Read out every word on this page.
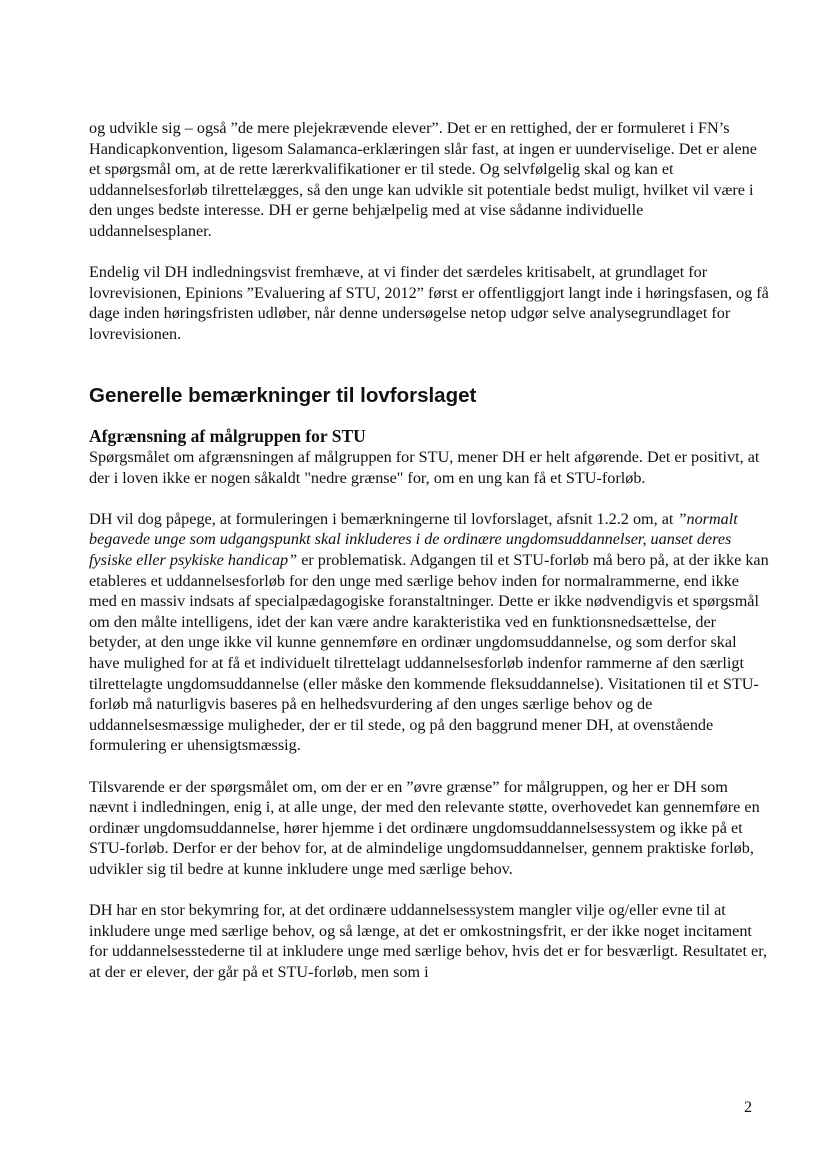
og udvikle sig – også ”de mere plejekrævende elever”. Det er en rettighed, der er formuleret i FN’s Handicapkonvention, ligesom Salamanca-erklæringen slår fast, at ingen er uunderviselige. Det er alene et spørgsmål om, at de rette lærerkvalifikationer er til stede. Og selvfølgelig skal og kan et uddannelsesforløb tilrettelægges, så den unge kan udvikle sit potentiale bedst muligt, hvilket vil være i den unges bedste interesse. DH er gerne behjælpelig med at vise sådanne individuelle uddannelsesplaner.

Endelig vil DH indledningsvist fremhæve, at vi finder det særdeles kritisabelt, at grundlaget for lovrevisionen, Epinions ”Evaluering af STU, 2012” først er offentliggjort langt inde i høringsfasen, og få dage inden høringsfristen udløber, når denne undersøgelse netop udgør selve analysegrundlaget for lovrevisionen.

Generelle bemærkninger til lovforslaget
Afgrænsning af målgruppen for STU

Spørgsmålet om afgrænsningen af målgruppen for STU, mener DH er helt afgørende. Det er positivt, at der i loven ikke er nogen såkaldt "nedre grænse" for, om en ung kan få et STU-forløb.

DH vil dog påpege, at formuleringen i bemærkningerne til lovforslaget, afsnit 1.2.2 om, at ”normalt begavede unge som udgangspunkt skal inkluderes i de ordinære ungdomsuddannelser, uanset deres fysiske eller psykiske handicap” er problematisk. Adgangen til et STU-forløb må bero på, at der ikke kan etableres et uddannelsesforløb for den unge med særlige behov inden for normalrammerne, end ikke med en massiv indsats af specialpædagogiske foranstaltninger. Dette er ikke nødvendigvis et spørgsmål om den målte intelligens, idet der kan være andre karakteristika ved en funktionsnedsættelse, der betyder, at den unge ikke vil kunne gennemføre en ordinær ungdomsuddannelse, og som derfor skal have mulighed for at få et individuelt tilrettelagt uddannelsesforløb indenfor rammerne af den særligt tilrettelagte ungdomsuddannelse (eller måske den kommende fleksuddannelse). Visitationen til et STU-forløb må naturligvis baseres på en helhedsvurdering af den unges særlige behov og de uddannelsesmæssige muligheder, der er til stede, og på den baggrund mener DH, at ovenstående formulering er uhensigtsmæssig.

Tilsvarende er der spørgsmålet om, om der er en ”øvre grænse” for målgruppen, og her er DH som nævnt i indledningen, enig i, at alle unge, der med den relevante støtte, overhovedet kan gennemføre en ordinær ungdomsuddannelse, hører hjemme i det ordinære ungdomsuddannelsessystem og ikke på et STU-forløb. Derfor er der behov for, at de almindelige ungdomsuddannelser, gennem praktiske forløb, udvikler sig til bedre at kunne inkludere unge med særlige behov.

DH har en stor bekymring for, at det ordinære uddannelsessystem mangler vilje og/eller evne til at inkludere unge med særlige behov, og så længe, at det er omkostningsfrit, er der ikke noget incitament for uddannelsesstederne til at inkludere unge med særlige behov, hvis det er for besværligt. Resultatet er, at der er elever, der går på et STU-forløb, men som i

2
